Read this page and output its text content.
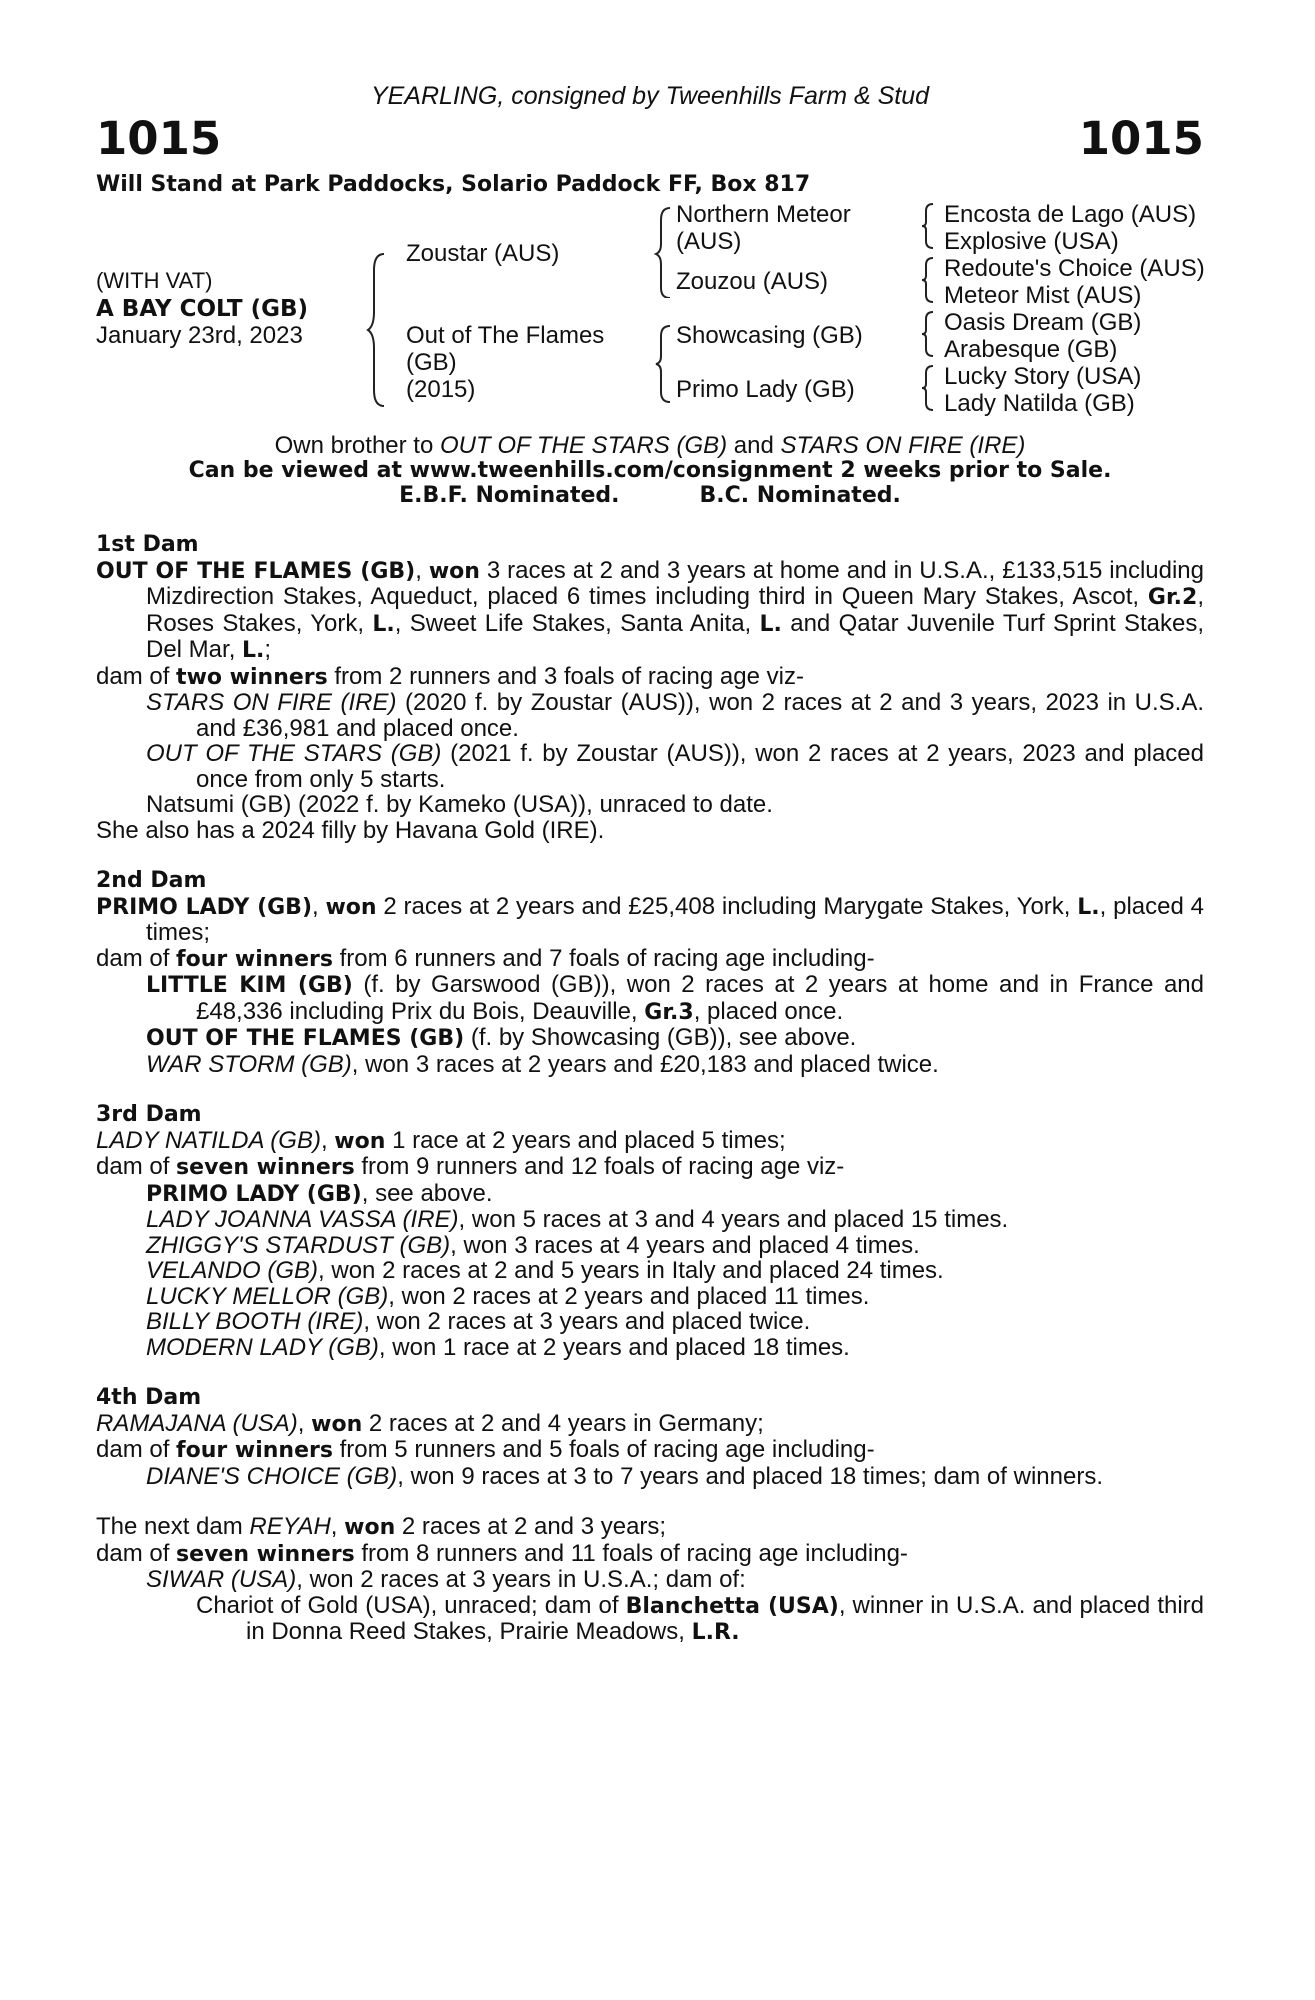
YEARLING, consigned by Tweenhills Farm & Stud
1015	1015
Will Stand at Park Paddocks, Solario Paddock FF, Box 817
(WITH VAT)
A BAY COLT (GB)
January 23rd, 2023
Zoustar (AUS)
Out of The Flames
(GB)
(2015)
Northern Meteor
(AUS)
Zouzou (AUS)
Showcasing (GB)
Primo Lady (GB)
Encosta de Lago (AUS)
Explosive (USA)
Redoute's Choice (AUS)
Meteor Mist (AUS)
Oasis Dream (GB)
Arabesque (GB)
Lucky Story (USA)
Lady Natilda (GB)
Own brother to OUT OF THE STARS (GB) and STARS ON FIRE (IRE)
Can be viewed at www.tweenhills.com/consignment 2 weeks prior to Sale.
E.B.F. Nominated.	B.C. Nominated.

1st Dam

OUT OF THE FLAMES (GB), won 3 races at 2 and 3 years at home and in U.S.A., £133,515 including Mizdirection Stakes, Aqueduct, placed 6 times including third in Queen Mary Stakes, Ascot, Gr.2, Roses Stakes, York, L., Sweet Life Stakes, Santa Anita, L. and Qatar Juvenile Turf Sprint Stakes, Del Mar, L.;

dam of two winners from 2 runners and 3 foals of racing age viz-

STARS ON FIRE (IRE) (2020 f. by Zoustar (AUS)), won 2 races at 2 and 3 years, 2023 in U.S.A. and £36,981 and placed once.

OUT OF THE STARS (GB) (2021 f. by Zoustar (AUS)), won 2 races at 2 years, 2023 and placed once from only 5 starts.

Natsumi (GB) (2022 f. by Kameko (USA)), unraced to date.

She also has a 2024 filly by Havana Gold (IRE).

2nd Dam

PRIMO LADY (GB), won 2 races at 2 years and £25,408 including Marygate Stakes, York, L., placed 4 times;

dam of four winners from 6 runners and 7 foals of racing age including-

LITTLE KIM (GB) (f. by Garswood (GB)), won 2 races at 2 years at home and in France and £48,336 including Prix du Bois, Deauville, Gr.3, placed once.

OUT OF THE FLAMES (GB) (f. by Showcasing (GB)), see above.

WAR STORM (GB), won 3 races at 2 years and £20,183 and placed twice.

3rd Dam

LADY NATILDA (GB), won 1 race at 2 years and placed 5 times;

dam of seven winners from 9 runners and 12 foals of racing age viz-

PRIMO LADY (GB), see above.

LADY JOANNA VASSA (IRE), won 5 races at 3 and 4 years and placed 15 times.

ZHIGGY'S STARDUST (GB), won 3 races at 4 years and placed 4 times.

VELANDO (GB), won 2 races at 2 and 5 years in Italy and placed 24 times.

LUCKY MELLOR (GB), won 2 races at 2 years and placed 11 times.

BILLY BOOTH (IRE), won 2 races at 3 years and placed twice.

MODERN LADY (GB), won 1 race at 2 years and placed 18 times.

4th Dam

RAMAJANA (USA), won 2 races at 2 and 4 years in Germany;

dam of four winners from 5 runners and 5 foals of racing age including-

DIANE'S CHOICE (GB), won 9 races at 3 to 7 years and placed 18 times; dam of winners.

The next dam REYAH, won 2 races at 2 and 3 years;

dam of seven winners from 8 runners and 11 foals of racing age including-

SIWAR (USA), won 2 races at 3 years in U.S.A.; dam of:

Chariot of Gold (USA), unraced; dam of Blanchetta (USA), winner in U.S.A. and placed third in Donna Reed Stakes, Prairie Meadows, L.R.
